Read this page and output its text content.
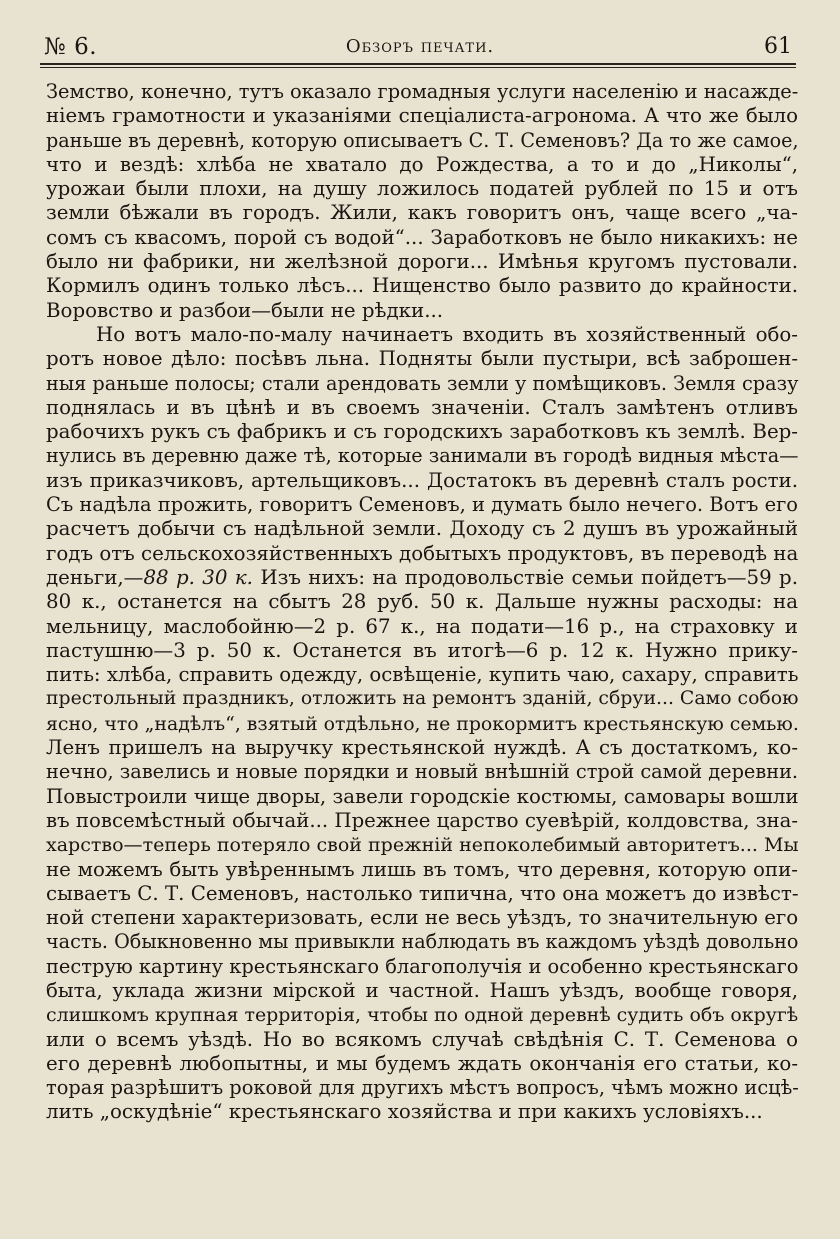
№ 6.	Обзоръ печати.	61
Земство, конечно, тутъ оказало громадныя услуги населенію и насажде-
ніемъ грамотности и указаніями спеціалиста-агронома. А что же было
раньше въ деревнѣ, которую описываетъ С. Т. Семеновъ? Да то же самое,
что и вездѣ: хлѣба не хватало до Рождества, а то и до „Николы“,
урожаи были плохи, на душу ложилось податей рублей по 15 и отъ
земли бѣжали въ городъ. Жили, какъ говоритъ онъ, чаще всего „ча-
сомъ съ квасомъ, порой съ водой“... Заработковъ не было никакихъ: не
было ни фабрики, ни желѣзной дороги... Имѣнья кругомъ пустовали.
Кормилъ одинъ только лѣсъ... Нищенство было развито до крайности.
Воровство и разбои—были не рѣдки...
Но вотъ мало-по-малу начинаетъ входить въ хозяйственный обо-
ротъ новое дѣло: посѣвъ льна. Подняты были пустыри, всѣ заброшен-
ныя раньше полосы; стали арендовать земли у помѣщиковъ. Земля сразу
поднялась и въ цѣнѣ и въ своемъ значеніи. Сталъ замѣтенъ отливъ
рабочихъ рукъ съ фабрикъ и съ городскихъ заработковъ къ землѣ. Вер-
нулись въ деревню даже тѣ, которые занимали въ городѣ видныя мѣста—
изъ приказчиковъ, артельщиковъ... Достатокъ въ деревнѣ сталъ рости.
Съ надѣла прожить, говоритъ Семеновъ, и думать было нечего. Вотъ его
расчетъ добычи съ надѣльной земли. Доходу съ 2 душъ въ урожайный
годъ отъ сельскохозяйственныхъ добытыхъ продуктовъ, въ переводѣ на
деньги,—88 р. 30 к. Изъ нихъ: на продовольствіе семьи пойдетъ—59 р.
80 к., останется на сбытъ 28 руб. 50 к. Дальше нужны расходы: на
мельницу, маслобойню—2 р. 67 к., на подати—16 р., на страховку и
пастушню—3 р. 50 к. Останется въ итогѣ—6 р. 12 к. Нужно прику-
пить: хлѣба, справить одежду, освѣщеніе, купить чаю, сахару, справить
престольный праздникъ, отложить на ремонтъ зданій, сбруи... Само собою
ясно, что „надѣлъ“, взятый отдѣльно, не прокормитъ крестьянскую семью.
Ленъ пришелъ на выручку крестьянской нуждѣ. А съ достаткомъ, ко-
нечно, завелись и новые порядки и новый внѣшній строй самой деревни.
Повыстроили чище дворы, завели городскіе костюмы, самовары вошли
въ повсемѣстный обычай... Прежнее царство суевѣрій, колдовства, зна-
харство—теперь потеряло свой прежній непоколебимый авторитетъ... Мы
не можемъ быть увѣреннымъ лишь въ томъ, что деревня, которую опи-
сываетъ С. Т. Семеновъ, настолько типична, что она можетъ до извѣст-
ной степени характеризовать, если не весь уѣздъ, то значительную его
часть. Обыкновенно мы привыкли наблюдать въ каждомъ уѣздѣ довольно
пеструю картину крестьянскаго благополучія и особенно крестьянскаго
быта, уклада жизни мірской и частной. Нашъ уѣздъ, вообще говоря,
слишкомъ крупная территорія, чтобы по одной деревнѣ судить объ округѣ
или о всемъ уѣздѣ. Но во всякомъ случаѣ свѣдѣнія С. Т. Семенова о
его деревнѣ любопытны, и мы будемъ ждать окончанія его статьи, ко-
торая разрѣшитъ роковой для другихъ мѣстъ вопросъ, чѣмъ можно исцѣ-
лить „оскудѣніе“ крестьянскаго хозяйства и при какихъ условіяхъ...
